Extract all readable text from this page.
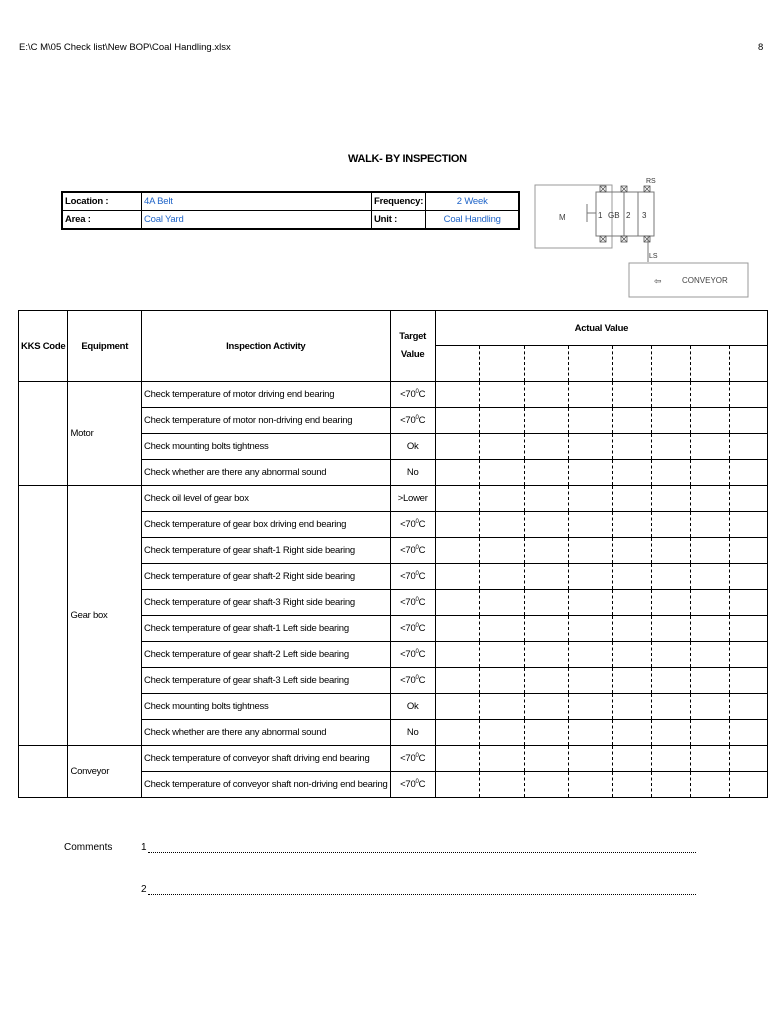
E:\C M\05 Check list\New BOP\Coal Handling.xlsx	8
WALK- BY INSPECTION
Location :	4A Belt	Frequency:	2 Week
Area :	Coal Yard	Unit :	Coal Handling	M	1 GB 2 3
RS
LS
⇦	CONVEYOR
KKS Code	Equipment	Inspection Activity	Target
Value	Actual Value							

	Motor	Check temperature of motor driving end bearing	$<70^0C$								
		Check temperature of motor non-driving end bearing	$<70^0C$								
		Check mounting bolts tightness	Ok								
		Check whether are there any abnormal sound	No								
	Gear box	Check oil level of gear box	>Lower								
		Check temperature of gear box driving end bearing	$<70^0C$								
		Check temperature of gear shaft-1 Right side bearing	$<70^0C$								
		Check temperature of gear shaft-2 Right side bearing	$<70^0C$								
		Check temperature of gear shaft-3 Right side bearing	$<70^0C$								
		Check temperature of gear shaft-1 Left side bearing	$<70^0C$								
		Check temperature of gear shaft-2 Left side bearing	$<70^0C$								
		Check temperature of gear shaft-3 Left side bearing	$<70^0C$								
		Check mounting bolts tightness	Ok								
		Check whether are there any abnormal sound	No								
	Conveyor	Check temperature of conveyor shaft driving end bearing	$<70^0C$								
		Check temperature of conveyor shaft non-driving end bearing	$<70^0C$								
Comments	1
2
